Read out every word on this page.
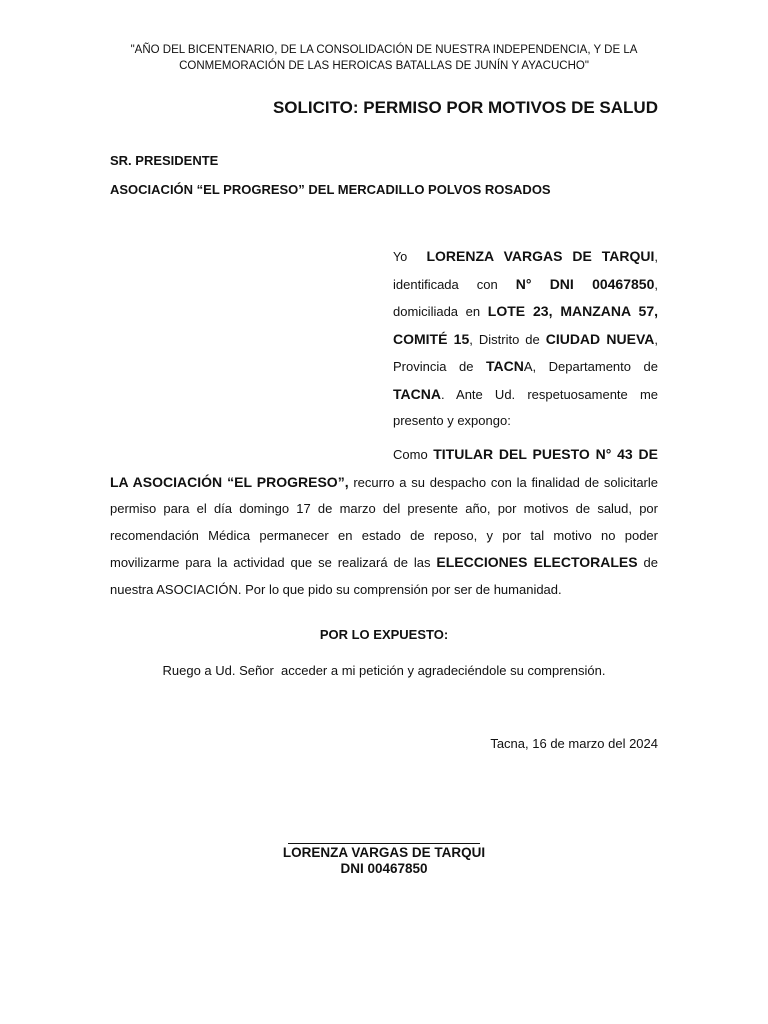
"AÑO DEL BICENTENARIO, DE LA CONSOLIDACIÓN DE NUESTRA INDEPENDENCIA, Y DE LA
CONMEMORACIÓN DE LAS HEROICAS BATALLAS DE JUNÍN Y AYACUCHO"
SOLICITO: PERMISO POR MOTIVOS DE SALUD
SR. PRESIDENTE
ASOCIACIÓN “EL PROGRESO” DEL MERCADILLO POLVOS ROSADOS
Yo LORENZA VARGAS DE TARQUI, identificada con N° DNI 00467850, domiciliada en LOTE 23, MANZANA 57, COMITÉ 15, Distrito de CIUDAD NUEVA, Provincia de TACNA, Departamento de TACNA. Ante Ud. respetuosamente me presento y expongo:
Como TITULAR DEL PUESTO N° 43 DE LA ASOCIACIÓN “EL PROGRESO”, recurro a su despacho con la finalidad de solicitarle permiso para el día domingo 17 de marzo del presente año, por motivos de salud, por recomendación Médica permanecer en estado de reposo, y por tal motivo no poder movilizarme para la actividad que se realizará de las ELECCIONES ELECTORALES de nuestra ASOCIACIÓN. Por lo que pido su comprensión por ser de humanidad.
POR LO EXPUESTO:
Ruego a Ud. Señor  acceder a mi petición y agradeciéndole su comprensión.
Tacna, 16 de marzo del 2024
LORENZA VARGAS DE TARQUI
DNI 00467850
